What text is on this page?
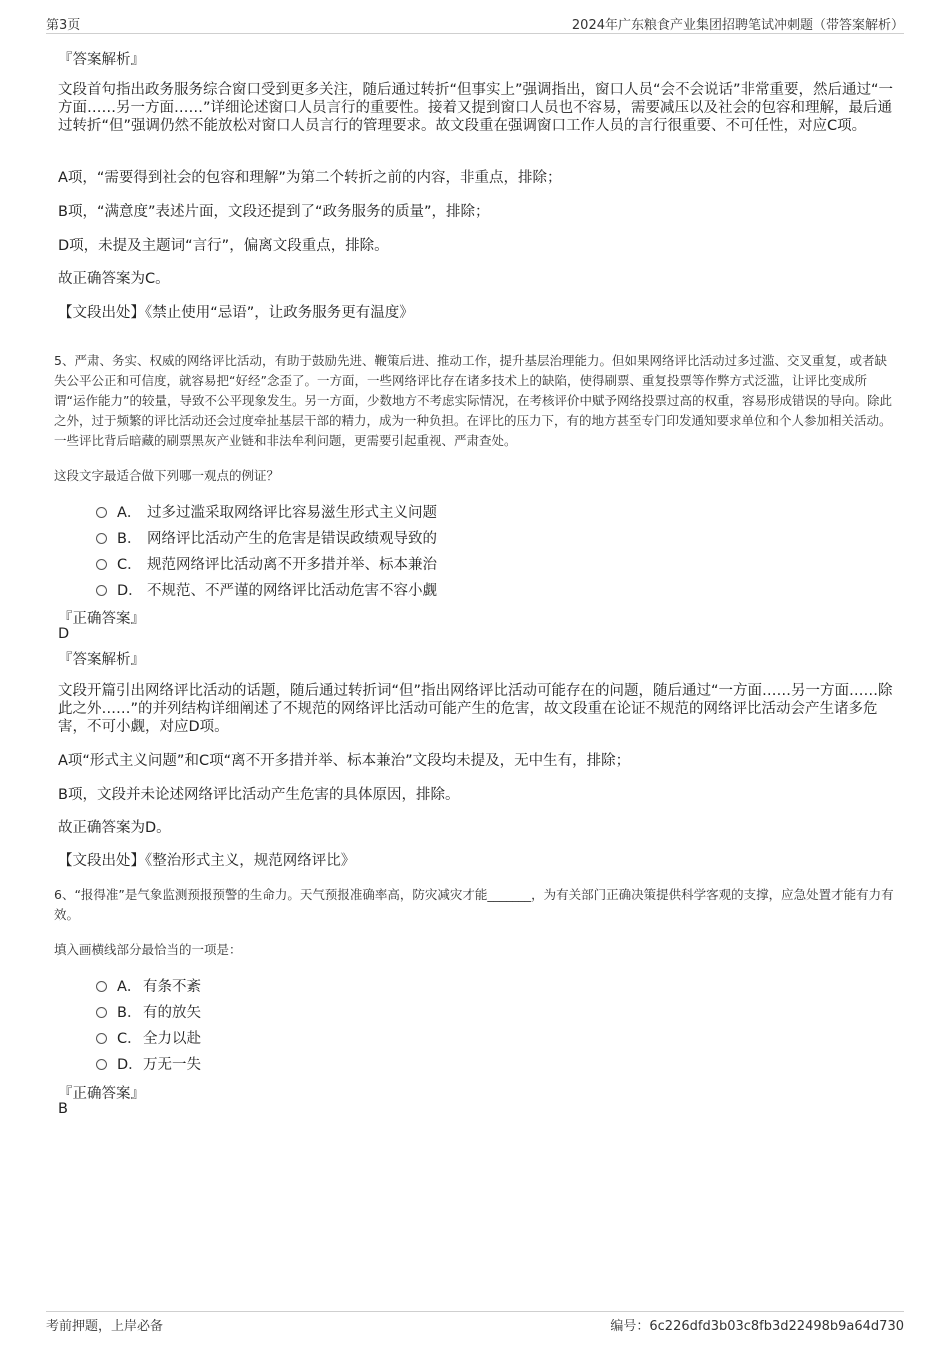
第3页	2024年广东粮食产业集团招聘笔试冲刺题（带答案解析）
『答案解析』

文段首句指出政务服务综合窗口受到更多关注，随后通过转折“但事实上”强调指出，窗口人员“会不会说话”非常重要，然后通过“一方面……另一方面……”详细论述窗口人员言行的重要性。接着又提到窗口人员也不容易，需要减压以及社会的包容和理解，最后通过转折“但”强调仍然不能放松对窗口人员言行的管理要求。故文段重在强调窗口工作人员的言行很重要、不可任性，对应C项。

A项，“需要得到社会的包容和理解”为第二个转折之前的内容，非重点，排除；

B项，“满意度”表述片面，文段还提到了“政务服务的质量”，排除；

D项，未提及主题词“言行”，偏离文段重点，排除。

故正确答案为C。

【文段出处】《禁止使用“忌语”，让政务服务更有温度》

5、严肃、务实、权威的网络评比活动，有助于鼓励先进、鞭策后进、推动工作，提升基层治理能力。但如果网络评比活动过多过滥、交叉重复，或者缺失公平公正和可信度，就容易把“好经”念歪了。一方面，一些网络评比存在诸多技术上的缺陷，使得刷票、重复投票等作弊方式泛滥，让评比变成所谓“运作能力”的较量，导致不公平现象发生。另一方面，少数地方不考虑实际情况，在考核评价中赋予网络投票过高的权重，容易形成错误的导向。除此之外，过于频繁的评比活动还会过度牵扯基层干部的精力，成为一种负担。在评比的压力下，有的地方甚至专门印发通知要求单位和个人参加相关活动。一些评比背后暗藏的刷票黑灰产业链和非法牟利问题，更需要引起重视、严肃查处。

这段文字最适合做下列哪一观点的例证？

A． 过多过滥采取网络评比容易滋生形式主义问题
B． 网络评比活动产生的危害是错误政绩观导致的
C． 规范网络评比活动离不开多措并举、标本兼治
D． 不规范、不严谨的网络评比活动危害不容小觑
『正确答案』
D
『答案解析』

文段开篇引出网络评比活动的话题，随后通过转折词“但”指出网络评比活动可能存在的问题，随后通过“一方面……另一方面……除此之外……”的并列结构详细阐述了不规范的网络评比活动可能产生的危害，故文段重在论证不规范的网络评比活动会产生诸多危害，不可小觑，对应D项。

A项“形式主义问题”和C项“离不开多措并举、标本兼治”文段均未提及，无中生有，排除；

B项，文段并未论述网络评比活动产生危害的具体原因，排除。

故正确答案为D。

【文段出处】《整治形式主义，规范网络评比》

6、“报得准”是气象监测预报预警的生命力。天气预报准确率高，防灾减灾才能_______，为有关部门正确决策提供科学客观的支撑，应急处置才能有力有效。

填入画横线部分最恰当的一项是：

A． 有条不紊
B． 有的放矢
C．全力以赴
D．万无一失
『正确答案』
B
考前押题，上岸必备	编号：6c226dfd3b03c8fb3d22498b9a64d730
